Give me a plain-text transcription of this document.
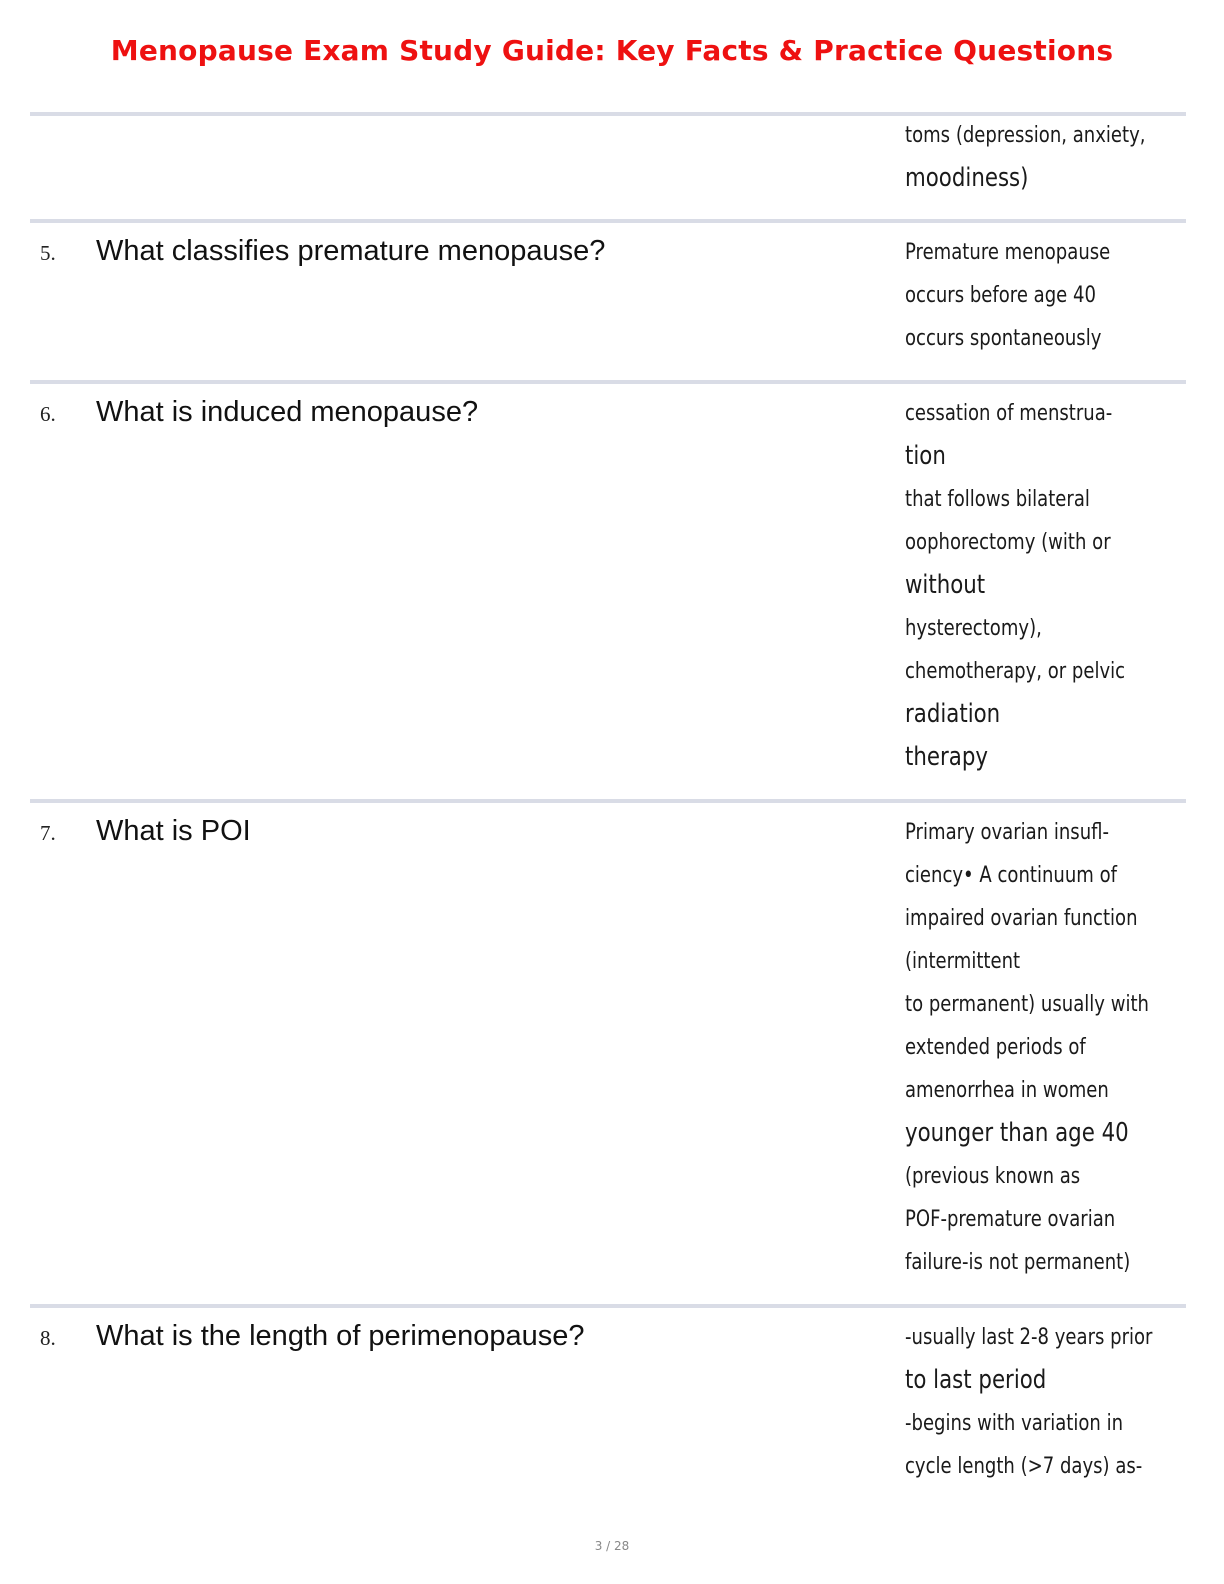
Menopause Exam Study Guide: Key Facts & Practice Questions
toms (depression, anxiety,
moodiness)
5. What classifies premature menopause?	Premature menopause
occurs before age 40
occurs spontaneously
6. What is induced menopause?	cessation of menstrua-
tion
that follows bilateral
oophorectomy (with or
without
hysterectomy),
chemotherapy, or pelvic
radiation
therapy
7. What is POI	Primary ovarian insufl-
ciency• A continuum of
impaired ovarian function
(intermittent
to permanent) usually with
extended periods of
amenorrhea in women
younger than age 40
(previous known as
POF-premature ovarian
failure-is not permanent)
8. What is the length of perimenopause?	-usually last 2-8 years prior
to last period
-begins with variation in
cycle length (>7 days) as-
3 / 28
